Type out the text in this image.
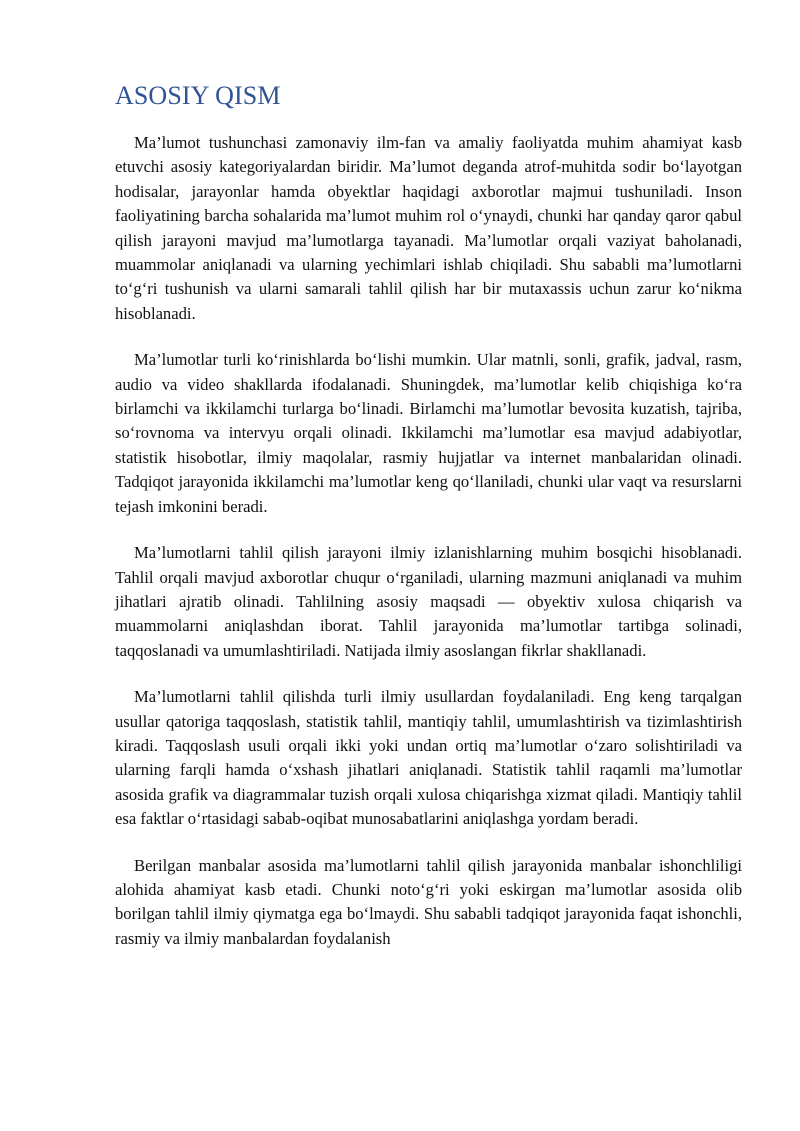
ASOSIY QISM

Ma’lumot tushunchasi zamonaviy ilm-fan va amaliy faoliyatda muhim ahamiyat kasb etuvchi asosiy kategoriyalardan biridir. Ma’lumot deganda atrof-muhitda sodir bo‘layotgan hodisalar, jarayonlar hamda obyektlar haqidagi axborotlar majmui tushuniladi. Inson faoliyatining barcha sohalarida ma’lumot muhim rol o‘ynaydi, chunki har qanday qaror qabul qilish jarayoni mavjud ma’lumotlarga tayanadi. Ma’lumotlar orqali vaziyat baholanadi, muammolar aniqlanadi va ularning yechimlari ishlab chiqiladi. Shu sababli ma’lumotlarni to‘g‘ri tushunish va ularni samarali tahlil qilish har bir mutaxassis uchun zarur ko‘nikma hisoblanadi.

Ma’lumotlar turli ko‘rinishlarda bo‘lishi mumkin. Ular matnli, sonli, grafik, jadval, rasm, audio va video shakllarda ifodalanadi. Shuningdek, ma’lumotlar kelib chiqishiga ko‘ra birlamchi va ikkilamchi turlarga bo‘linadi. Birlamchi ma’lumotlar bevosita kuzatish, tajriba, so‘rovnoma va intervyu orqali olinadi. Ikkilamchi ma’lumotlar esa mavjud adabiyotlar, statistik hisobotlar, ilmiy maqolalar, rasmiy hujjatlar va internet manbalaridan olinadi. Tadqiqot jarayonida ikkilamchi ma’lumotlar keng qo‘llaniladi, chunki ular vaqt va resurslarni tejash imkonini beradi.

Ma’lumotlarni tahlil qilish jarayoni ilmiy izlanishlarning muhim bosqichi hisoblanadi. Tahlil orqali mavjud axborotlar chuqur o‘rganiladi, ularning mazmuni aniqlanadi va muhim jihatlari ajratib olinadi. Tahlilning asosiy maqsadi — obyektiv xulosa chiqarish va muammolarni aniqlashdan iborat. Tahlil jarayonida ma’lumotlar tartibga solinadi, taqqoslanadi va umumlashtiriladi. Natijada ilmiy asoslangan fikrlar shakllanadi.

Ma’lumotlarni tahlil qilishda turli ilmiy usullardan foydalaniladi. Eng keng tarqalgan usullar qatoriga taqqoslash, statistik tahlil, mantiqiy tahlil, umumlashtirish va tizimlashtirish kiradi. Taqqoslash usuli orqali ikki yoki undan ortiq ma’lumotlar o‘zaro solishtiriladi va ularning farqli hamda o‘xshash jihatlari aniqlanadi. Statistik tahlil raqamli ma’lumotlar asosida grafik va diagrammalar tuzish orqali xulosa chiqarishga xizmat qiladi. Mantiqiy tahlil esa faktlar o‘rtasidagi sabab-oqibat munosabatlarini aniqlashga yordam beradi.

Berilgan manbalar asosida ma’lumotlarni tahlil qilish jarayonida manbalar ishonchliligi alohida ahamiyat kasb etadi. Chunki noto‘g‘ri yoki eskirgan ma’lumotlar asosida olib borilgan tahlil ilmiy qiymatga ega bo‘lmaydi. Shu sababli tadqiqot jarayonida faqat ishonchli, rasmiy va ilmiy manbalardan foydalanish
